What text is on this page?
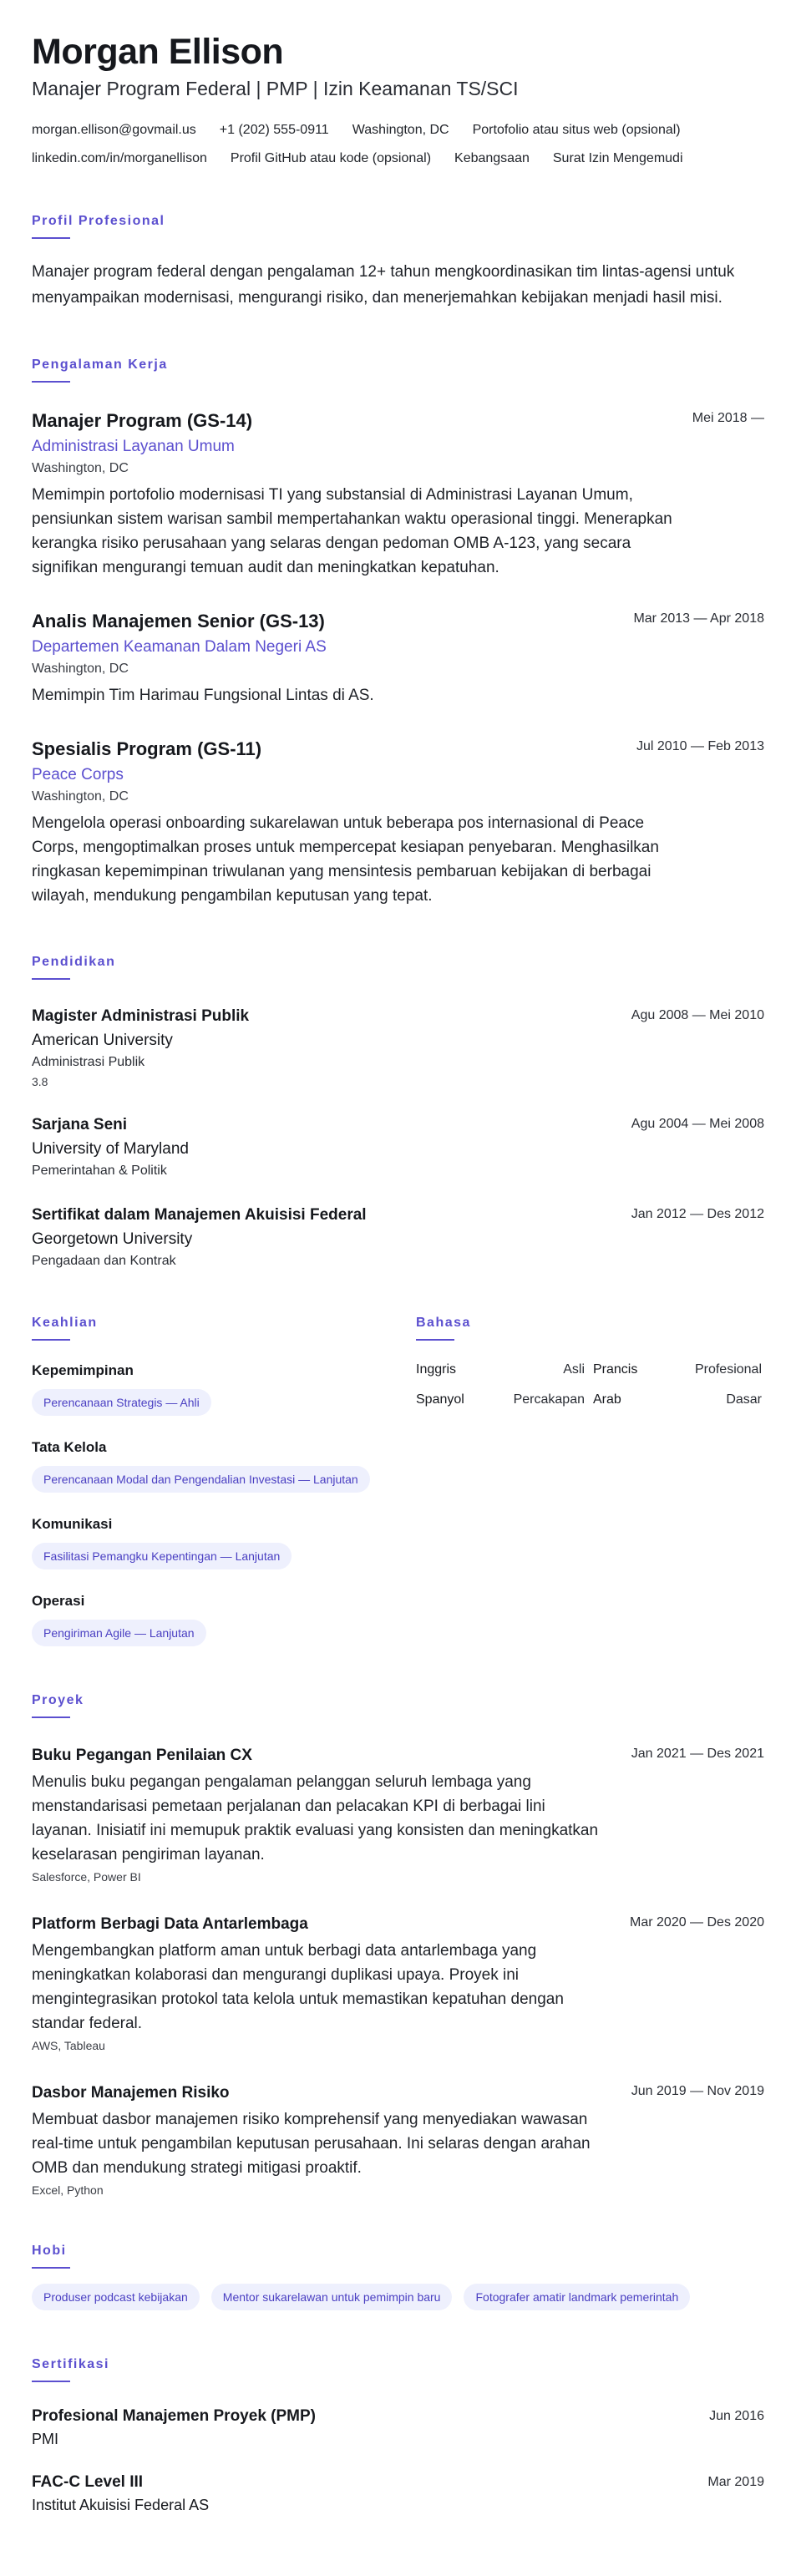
Morgan Ellison
Manajer Program Federal | PMP | Izin Keamanan TS/SCI
morgan.ellison@govmail.us +1 (202) 555-0911 Washington, DC Portofolio atau situs web (opsional)
linkedin.com/in/morganellison Profil GitHub atau kode (opsional) Kebangsaan Surat Izin Mengemudi
Profil Profesional
Manajer program federal dengan pengalaman 12+ tahun mengkoordinasikan tim lintas-agensi untuk menyampaikan modernisasi, mengurangi risiko, dan menerjemahkan kebijakan menjadi hasil misi.
Pengalaman Kerja
Manajer Program (GS-14)	Mei 2018 —
Administrasi Layanan Umum
Washington, DC
Memimpin portofolio modernisasi TI yang substansial di Administrasi Layanan Umum, pensiunkan sistem warisan sambil mempertahankan waktu operasional tinggi. Menerapkan kerangka risiko perusahaan yang selaras dengan pedoman OMB A-123, yang secara signifikan mengurangi temuan audit dan meningkatkan kepatuhan.
Analis Manajemen Senior (GS-13)	Mar 2013 — Apr 2018
Departemen Keamanan Dalam Negeri AS
Washington, DC
Memimpin Tim Harimau Fungsional Lintas di AS.
Spesialis Program (GS-11)	Jul 2010 — Feb 2013
Peace Corps
Washington, DC
Mengelola operasi onboarding sukarelawan untuk beberapa pos internasional di Peace Corps, mengoptimalkan proses untuk mempercepat kesiapan penyebaran. Menghasilkan ringkasan kepemimpinan triwulanan yang mensintesis pembaruan kebijakan di berbagai wilayah, mendukung pengambilan keputusan yang tepat.
Pendidikan
Magister Administrasi Publik	Agu 2008 — Mei 2010
American University
Administrasi Publik
3.8
Sarjana Seni	Agu 2004 — Mei 2008
University of Maryland
Pemerintahan & Politik
Sertifikat dalam Manajemen Akuisisi Federal	Jan 2012 — Des 2012
Georgetown University
Pengadaan dan Kontrak
Keahlian
Kepemimpinan
Perencanaan Strategis — Ahli
Tata Kelola
Perencanaan Modal dan Pengendalian Investasi — Lanjutan
Komunikasi
Fasilitasi Pemangku Kepentingan — Lanjutan
Operasi
Pengiriman Agile — Lanjutan
Bahasa
Inggris	Asli Prancis	Profesional
Spanyol	Percakapan Arab	Dasar
Proyek
Buku Pegangan Penilaian CX	Jan 2021 — Des 2021
Menulis buku pegangan pengalaman pelanggan seluruh lembaga yang menstandarisasi pemetaan perjalanan dan pelacakan KPI di berbagai lini layanan. Inisiatif ini memupuk praktik evaluasi yang konsisten dan meningkatkan keselarasan pengiriman layanan.
Salesforce, Power BI
Platform Berbagi Data Antarlembaga	Mar 2020 — Des 2020
Mengembangkan platform aman untuk berbagi data antarlembaga yang meningkatkan kolaborasi dan mengurangi duplikasi upaya. Proyek ini mengintegrasikan protokol tata kelola untuk memastikan kepatuhan dengan standar federal.
AWS, Tableau
Dasbor Manajemen Risiko	Jun 2019 — Nov 2019
Membuat dasbor manajemen risiko komprehensif yang menyediakan wawasan real-time untuk pengambilan keputusan perusahaan. Ini selaras dengan arahan OMB dan mendukung strategi mitigasi proaktif.
Excel, Python
Hobi
Produser podcast kebijakan	Mentor sukarelawan untuk pemimpin baru	Fotografer amatir landmark pemerintah
Sertifikasi
Profesional Manajemen Proyek (PMP)	Jun 2016
PMI
FAC-C Level III	Mar 2019
Institut Akuisisi Federal AS
